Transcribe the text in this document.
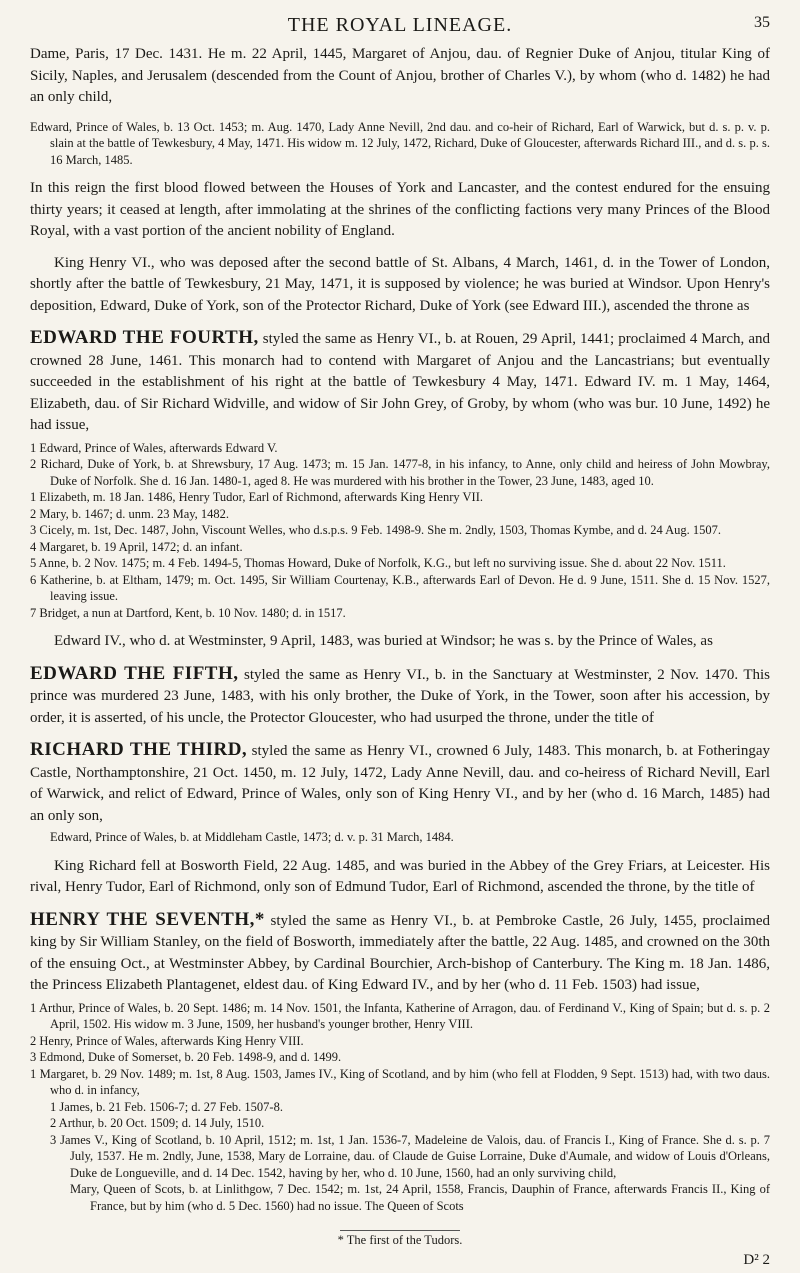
THE ROYAL LINEAGE.	35

Dame, Paris, 17 Dec. 1431. He m. 22 April, 1445, Margaret of Anjou, dau. of Regnier Duke of Anjou, titular King of Sicily, Naples, and Jerusalem (descended from the Count of Anjou, brother of Charles V.), by whom (who d. 1482) he had an only child,

Edward, Prince of Wales, b. 13 Oct. 1453; m. Aug. 1470, Lady Anne Nevill, 2nd dau. and co-heir of Richard, Earl of Warwick, but d. s. p. v. p. slain at the battle of Tewkesbury, 4 May, 1471. His widow m. 12 July, 1472, Richard, Duke of Gloucester, afterwards Richard III., and d. s. p. s. 16 March, 1485.

In this reign the first blood flowed between the Houses of York and Lancaster, and the contest endured for the ensuing thirty years; it ceased at length, after immolating at the shrines of the conflicting factions very many Princes of the Blood Royal, with a vast portion of the ancient nobility of England.

King Henry VI., who was deposed after the second battle of St. Albans, 4 March, 1461, d. in the Tower of London, shortly after the battle of Tewkesbury, 21 May, 1471, it is supposed by violence; he was buried at Windsor. Upon Henry's deposition, Edward, Duke of York, son of the Protector Richard, Duke of York (see Edward III.), ascended the throne as

EDWARD THE FOURTH, styled the same as Henry VI., b. at Rouen, 29 April, 1441; proclaimed 4 March, and crowned 28 June, 1461. This monarch had to contend with Margaret of Anjou and the Lancastrians; but eventually succeeded in the establishment of his right at the battle of Tewkesbury 4 May, 1471. Edward IV. m. 1 May, 1464, Elizabeth, dau. of Sir Richard Widville, and widow of Sir John Grey, of Groby, by whom (who was bur. 10 June, 1492) he had issue,

1 Edward, Prince of Wales, afterwards Edward V.

2 Richard, Duke of York, b. at Shrewsbury, 17 Aug. 1473; m. 15 Jan. 1477-8, in his infancy, to Anne, only child and heiress of John Mowbray, Duke of Norfolk. She d. 16 Jan. 1480-1, aged 8. He was murdered with his brother in the Tower, 23 June, 1483, aged 10.

1 Elizabeth, m. 18 Jan. 1486, Henry Tudor, Earl of Richmond, afterwards King Henry VII.

2 Mary, b. 1467; d. unm. 23 May, 1482.

3 Cicely, m. 1st, Dec. 1487, John, Viscount Welles, who d.s.p.s. 9 Feb. 1498-9. She m. 2ndly, 1503, Thomas Kymbe, and d. 24 Aug. 1507.

4 Margaret, b. 19 April, 1472; d. an infant.

5 Anne, b. 2 Nov. 1475; m. 4 Feb. 1494-5, Thomas Howard, Duke of Norfolk, K.G., but left no surviving issue. She d. about 22 Nov. 1511.

6 Katherine, b. at Eltham, 1479; m. Oct. 1495, Sir William Courtenay, K.B., afterwards Earl of Devon. He d. 9 June, 1511. She d. 15 Nov. 1527, leaving issue.

7 Bridget, a nun at Dartford, Kent, b. 10 Nov. 1480; d. in 1517.

Edward IV., who d. at Westminster, 9 April, 1483, was buried at Windsor; he was s. by the Prince of Wales, as

EDWARD THE FIFTH, styled the same as Henry VI., b. in the Sanctuary at Westminster, 2 Nov. 1470. This prince was murdered 23 June, 1483, with his only brother, the Duke of York, in the Tower, soon after his accession, by order, it is asserted, of his uncle, the Protector Gloucester, who had usurped the throne, under the title of

RICHARD THE THIRD, styled the same as Henry VI., crowned 6 July, 1483. This monarch, b. at Fotheringay Castle, Northamptonshire, 21 Oct. 1450, m. 12 July, 1472, Lady Anne Nevill, dau. and co-heiress of Richard Nevill, Earl of Warwick, and relict of Edward, Prince of Wales, only son of King Henry VI., and by her (who d. 16 March, 1485) had an only son,

Edward, Prince of Wales, b. at Middleham Castle, 1473; d. v. p. 31 March, 1484.

King Richard fell at Bosworth Field, 22 Aug. 1485, and was buried in the Abbey of the Grey Friars, at Leicester. His rival, Henry Tudor, Earl of Richmond, only son of Edmund Tudor, Earl of Richmond, ascended the throne, by the title of

HENRY THE SEVENTH,* styled the same as Henry VI., b. at Pembroke Castle, 26 July, 1455, proclaimed king by Sir William Stanley, on the field of Bosworth, immediately after the battle, 22 Aug. 1485, and crowned on the 30th of the ensuing Oct., at Westminster Abbey, by Cardinal Bourchier, Arch-bishop of Canterbury. The King m. 18 Jan. 1486, the Princess Elizabeth Plantagenet, eldest dau. of King Edward IV., and by her (who d. 11 Feb. 1503) had issue,

1 Arthur, Prince of Wales, b. 20 Sept. 1486; m. 14 Nov. 1501, the Infanta, Katherine of Arragon, dau. of Ferdinand V., King of Spain; but d. s. p. 2 April, 1502. His widow m. 3 June, 1509, her husband's younger brother, Henry VIII.

2 Henry, Prince of Wales, afterwards King Henry VIII.

3 Edmond, Duke of Somerset, b. 20 Feb. 1498-9, and d. 1499.

1 Margaret, b. 29 Nov. 1489; m. 1st, 8 Aug. 1503, James IV., King of Scotland, and by him (who fell at Flodden, 9 Sept. 1513) had, with two daus. who d. in infancy,

1 James, b. 21 Feb. 1506-7; d. 27 Feb. 1507-8.

2 Arthur, b. 20 Oct. 1509; d. 14 July, 1510.

3 James V., King of Scotland, b. 10 April, 1512; m. 1st, 1 Jan. 1536-7, Madeleine de Valois, dau. of Francis I., King of France. She d. s. p. 7 July, 1537. He m. 2ndly, June, 1538, Mary de Lorraine, dau. of Claude de Guise Lorraine, Duke d'Aumale, and widow of Louis d'Orleans, Duke de Longueville, and d. 14 Dec. 1542, having by her, who d. 10 June, 1560, had an only surviving child,

Mary, Queen of Scots, b. at Linlithgow, 7 Dec. 1542; m. 1st, 24 April, 1558, Francis, Dauphin of France, afterwards Francis II., King of France, but by him (who d. 5 Dec. 1560) had no issue. The Queen of Scots

* The first of the Tudors.
D² 2
